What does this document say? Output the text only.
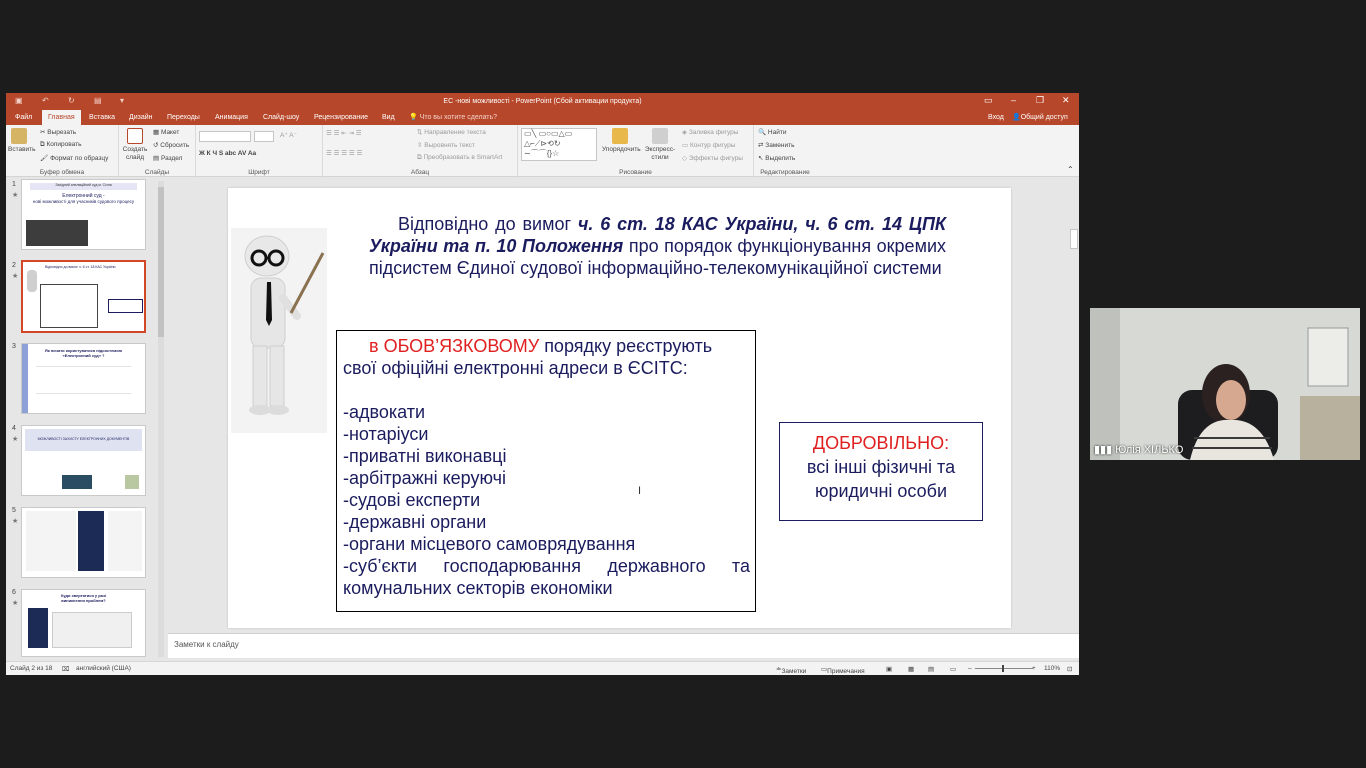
▣ ↶ ↻ ▤ ▾	ЕС -нові можливості - PowerPoint (Сбой активации продукта)	▭ – ❐ ✕
Файл	Главная	Вставка	Дизайн	Переходы	Анимация	Слайд-шоу	Рецензирование	Вид	💡 Что вы хотите сделать?	Вход 👤Общий доступ
Вставить
✂ Вырезать
⧉ Копировать
🖌 Формат по образцу
Буфер обмена
Создать
слайд
▦ Макет
↺ Сбросить
▤ Раздел
Слайды
A⁺ A⁻
Ж К Ч S abc AV Aa
Шрифт
☰ ☰ ⇤ ⇥ ☰
☰ ☰ ☰ ☰ ☰
⇅ Направление текста
⇳ Выровнять текст
⧉ Преобразовать в SmartArt
Абзац
▭╲ ▭○▭△▭
△⌐⟋⊳⟲↻
∼⌒⌒{}☆	Упорядочить Экспресс-
стили
◈ Заливка фигуры
▭ Контур фигуры
◇ Эффекты фигуры
Рисование
🔍 Найти
⇄ Заменить
↖ Выделить
Редактирование	⌃
1
★
Західний апеляційний суд м. Січня
Електронний суд -
нові можливості для учасників судового процесу
2
★
Відповідно до вимог ч. 6 ст. 18 КАС України
3
Як почати користуватися підсистемою «Електронний суд» ?
4
★	МОЖЛИВОСТІ ЗАХИСТУ ЕЛЕКТРОННИХ ДОКУМЕНТІВ
5
★
6
★
Куди звертатися у разі виникнення проблем?
Відповідно до вимог ч. 6 ст. 18 КАС України, ч. 6 ст. 14 ЦПК України та п. 10 Положення про порядок функціонування окремих підсистем Єдиної судової інформаційно-телекомунікаційної системи
в ОБОВ’ЯЗКОВОМУ порядку реєструють свої офіційні електронні адреси в ЄСІТС:
-адвокати
-нотаріуси
-приватні виконавці
-арбітражні керуючі
-судові експерти
-державні органи
-органи місцевого самоврядування
-суб’єкти господарювання державного та комунальних секторів економіки
I
ДОБРОВІЛЬНО:
всі інші фізичні та юридичні особи
Заметки к слайду
Слайд 2 из 18 ⌧ английский (США)	≐ Заметки ▭ Примечания	▣ ▦ ▤ ▭ –	+ 110% ⊡
▮▮▮ Юлія ХІЛЬКО
